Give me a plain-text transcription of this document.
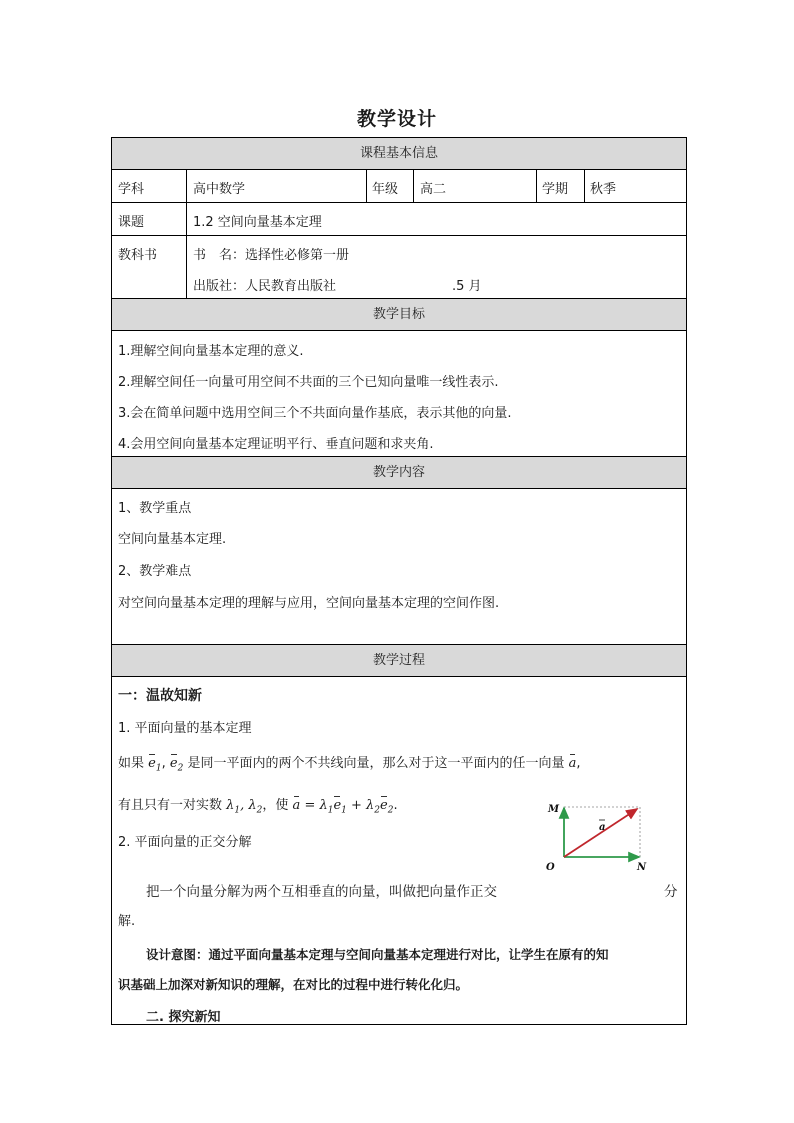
教学设计
课程基本信息
教学目标
教学内容
教学过程
学科	高中数学	年级 高二	学期 秋季
课题	1.2 空间向量基本定理
教科书	书　名：选择性必修第一册
出版社：人民教育出版社	.5 月
1.理解空间向量基本定理的意义.
2.理解空间任一向量可用空间不共面的三个已知向量唯一线性表示.
3.会在简单问题中选用空间三个不共面向量作基底，表示其他的向量.
4.会用空间向量基本定理证明平行、垂直问题和求夹角.
1、教学重点
空间向量基本定理.
2、教学难点
对空间向量基本定理的理解与应用，空间向量基本定理的空间作图.
一：温故知新
1. 平面向量的基本定理
如果 $e_1$, $e_2$ 是同一平面内的两个不共线向量，那么对于这一平面内的任一向量 a,
有且只有一对实数 $\lambda_1$, $\lambda_2$，使 $a = \lambda_1e_1 + \lambda_2e_2$.
2. 平面向量的正交分解
把一个向量分解为两个互相垂直的向量，叫做把向量作正交	分
解.
设计意图：通过平面向量基本定理与空间向量基本定理进行对比，让学生在原有的知
识基础上加深对新知识的理解，在对比的过程中进行转化化归。
二. 探究新知
M
O	N
a
